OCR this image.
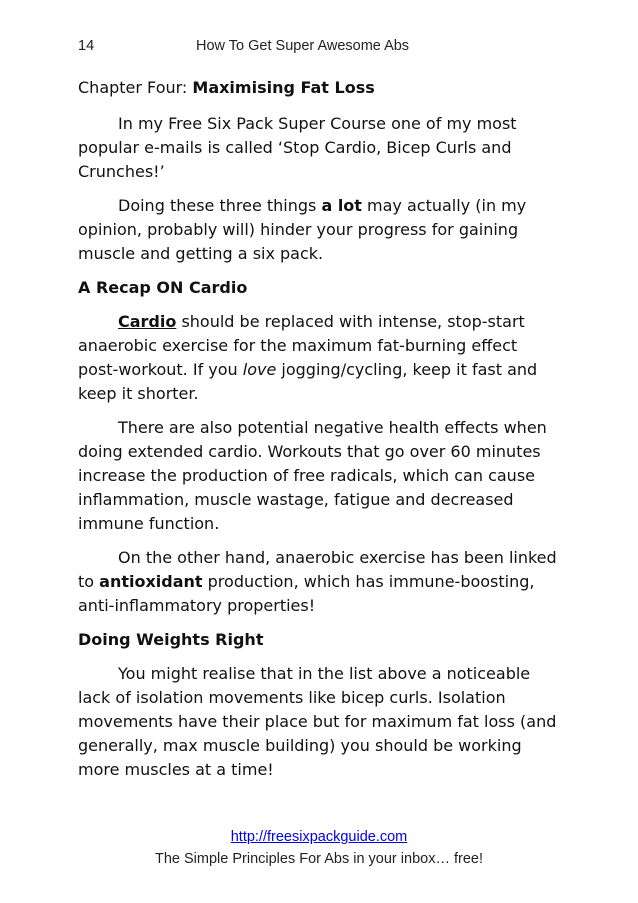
14	How To Get Super Awesome Abs
Chapter Four: Maximising Fat Loss

In my Free Six Pack Super Course one of my most popular e-mails is called ‘Stop Cardio, Bicep Curls and Crunches!’

Doing these three things a lot may actually (in my opinion, probably will) hinder your progress for gaining muscle and getting a six pack.

A Recap ON Cardio

Cardio should be replaced with intense, stop-start anaerobic exercise for the maximum fat-burning effect post-workout. If you love jogging/cycling, keep it fast and keep it shorter.

There are also potential negative health effects when doing extended cardio. Workouts that go over 60 minutes increase the production of free radicals, which can cause inflammation, muscle wastage, fatigue and decreased immune function.

On the other hand, anaerobic exercise has been linked to antioxidant production, which has immune-boosting, anti-inflammatory properties!

Doing Weights Right

You might realise that in the list above a noticeable lack of isolation movements like bicep curls. Isolation movements have their place but for maximum fat loss (and generally, max muscle building) you should be working more muscles at a time!

http://freesixpackguide.com
The Simple Principles For Abs in your inbox… free!
